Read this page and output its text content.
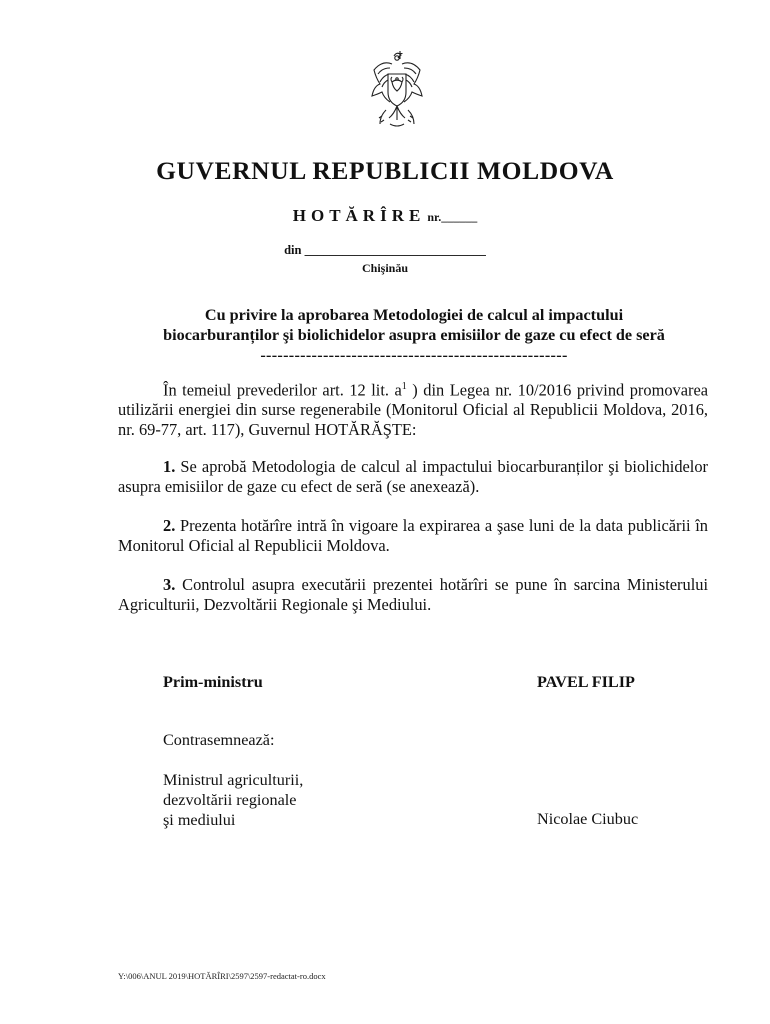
GUVERNUL REPUBLICII MOLDOVA
HOTĂRÎRE nr.______
din _____________________________
Chişinău
Cu privire la aprobarea Metodologiei de calcul al impactului
biocarburanților şi biolichidelor asupra emisiilor de gaze cu efect de seră
------------------------------------------------------
În temeiul prevederilor art. 12 lit. $a^1$ ) din Legea nr. 10/2016 privind promovarea utilizării energiei din surse regenerabile (Monitorul Oficial al Republicii Moldova, 2016, nr. 69-77, art. 117), Guvernul HOTĂRĂŞTE:
1. Se aprobă Metodologia de calcul al impactului biocarburanților şi biolichidelor asupra emisiilor de gaze cu efect de seră (se anexează).
2. Prezenta hotărîre intră în vigoare la expirarea a şase luni de la data publicării în Monitorul Oficial al Republicii Moldova.
3. Controlul asupra executării prezentei hotărîri se pune în sarcina Ministerului Agriculturii, Dezvoltării Regionale şi Mediului.
Prim-ministru	PAVEL FILIP
Contrasemnează:
Ministrul agriculturii,
dezvoltării regionale
şi mediului	Nicolae Ciubuc
Y:\006\ANUL 2019\HOTĂRÎRI\2597\2597-redactat-ro.docx
